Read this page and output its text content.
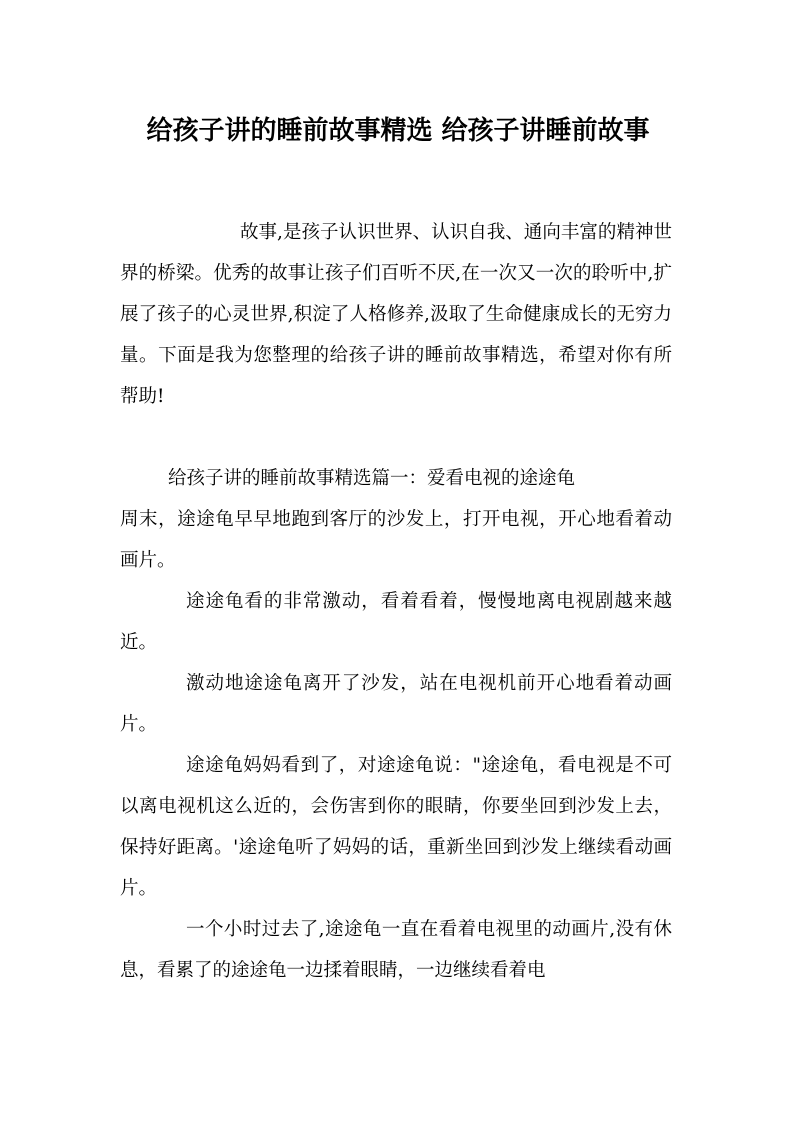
给孩子讲的睡前故事精选 给孩子讲睡前故事

故事,是孩子认识世界、认识自我、通向丰富的精神世界的桥梁。优秀的故事让孩子们百听不厌,在一次又一次的聆听中,扩展了孩子的心灵世界,积淀了人格修养,汲取了生命健康成长的无穷力量。下面是我为您整理的给孩子讲的睡前故事精选，希望对你有所帮助!

给孩子讲的睡前故事精选篇一：爱看电视的途途龟

周末，途途龟早早地跑到客厅的沙发上，打开电视，开心地看着动画片。

途途龟看的非常激动，看着看着，慢慢地离电视剧越来越近。

激动地途途龟离开了沙发，站在电视机前开心地看着动画片。

途途龟妈妈看到了，对途途龟说："途途龟，看电视是不可以离电视机这么近的，会伤害到你的眼睛，你要坐回到沙发上去，保持好距离。'途途龟听了妈妈的话，重新坐回到沙发上继续看动画片。

一个小时过去了,途途龟一直在看着电视里的动画片,没有休息，看累了的途途龟一边揉着眼睛，一边继续看着电
